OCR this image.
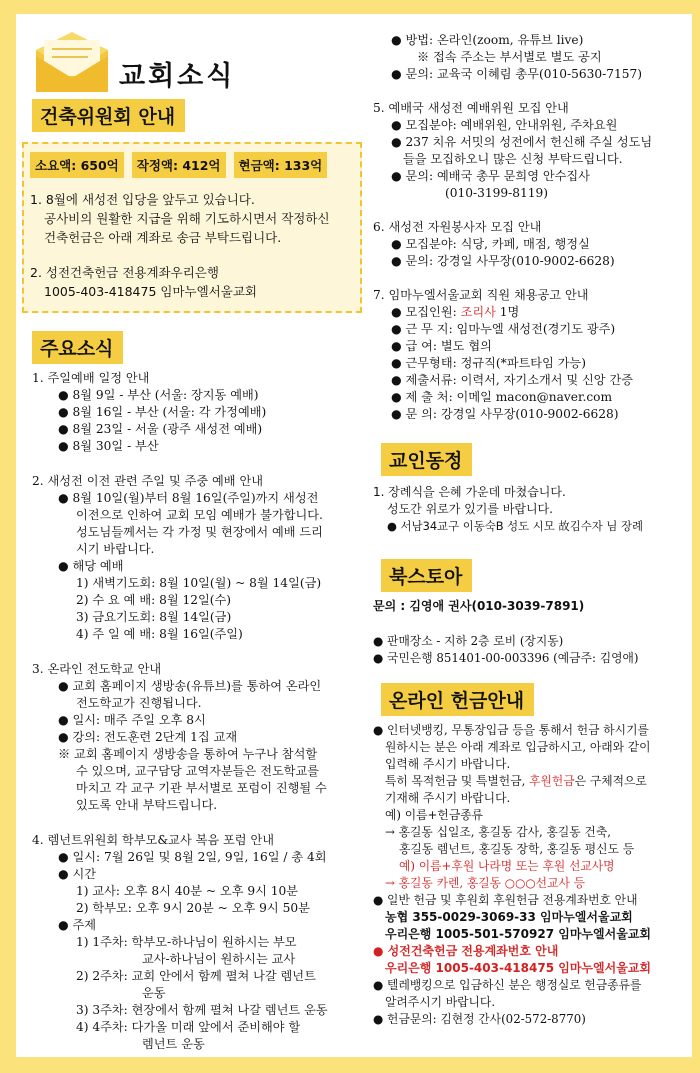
교회소식
건축위원회 안내
소요액: 650억	작정액: 412억	현금액: 133억

1. 8월에 새성전 입당을 앞두고 있습니다.
공사비의 원활한 지급을 위해 기도하시면서 작정하신
건축헌금은 아래 계좌로 송금 부탁드립니다.

2. 성전건축헌금 전용계좌우리은행
1005-403-418475 임마누엘서울교회

주요소식

1. 주일예배 일정 안내

● 8월 9일 - 부산 (서울: 장지동 예배)

● 8월 16일 - 부산 (서울: 각 가정예배)

● 8월 23일 - 서울 (광주 새성전 예배)

● 8월 30일 - 부산

2. 새성전 이전 관련 주일 및 주중 예배 안내

● 8월 10일(월)부터 8월 16일(주일)까지 새성전

이전으로 인하여 교회 모임 예배가 불가합니다.

성도님들께서는 각 가정 및 현장에서 예배 드리

시기 바랍니다.

● 해당 예배

1) 새벽기도회: 8월 10일(월) ~ 8월 14일(금)

2) 수 요 예 배: 8월 12일(수)

3) 금요기도회: 8월 14일(금)

4) 주 일 예 배: 8월 16일(주일)

3. 온라인 전도학교 안내

● 교회 홈페이지 생방송(유튜브)를 통하여 온라인

전도학교가 진행됩니다.

● 일시: 매주 주일 오후 8시

● 강의: 전도훈련 2단계 1집 교재

※ 교회 홈페이지 생방송을 통하여 누구나 참석할

수 있으며, 교구담당 교역자분들은 전도학교를

마치고 각 교구 기관 부서별로 포럼이 진행될 수

있도록 안내 부탁드립니다.

4. 렘넌트위원회 학부모&교사 복음 포럼 안내

● 일시: 7월 26일 및 8월 2일, 9일, 16일 / 총 4회

● 시간

1) 교사: 오후 8시 40분 ~ 오후 9시 10분

2) 학부모: 오후 9시 20분 ~ 오후 9시 50분

● 주제

1) 1주차: 학부모-하나님이 원하시는 부모

교사-하나님이 원하시는 교사

2) 2주차: 교회 안에서 함께 펼쳐 나갈 렘넌트

운동

3) 3주차: 현장에서 함께 펼쳐 나갈 렘넌트 운동

4) 4주차: 다가올 미래 앞에서 준비해야 할

렘넌트 운동

● 방법: 온라인(zoom, 유튜브 live)

※ 접속 주소는 부서별로 별도 공지

● 문의: 교육국 이혜림 총무(010-5630-7157)

5. 예배국 새성전 예배위원 모집 안내

● 모집분야: 예배위원, 안내위원, 주차요원

● 237 치유 서밋의 성전에서 헌신해 주실 성도님

들을 모집하오니 많은 신청 부탁드립니다.

● 문의: 예배국 총무 문희영 안수집사

(010-3199-8119)

6. 새성전 자원봉사자 모집 안내

● 모집분야: 식당, 카페, 매점, 행정실

● 문의: 강경일 사무장(010-9002-6628)

7. 임마누엘서울교회 직원 채용공고 안내

● 모집인원: 조리사 1명

● 근 무 지: 임마누엘 새성전(경기도 광주)

● 급 여: 별도 협의

● 근무형태: 정규직(*파트타임 가능)

● 제출서류: 이력서, 자기소개서 및 신앙 간증

● 제 출 처: 이메일 macon@naver.com

● 문 의: 강경일 사무장(010-9002-6628)

교인동정

1. 장례식을 은혜 가운데 마쳤습니다.

성도간 위로가 있기를 바랍니다.

● 서남34교구 이동숙B 성도 시모 故김수자 님 장례

북스토아

문의 : 김영애 권사(010-3039-7891)

● 판매장소 - 지하 2층 로비 (장지동)

● 국민은행 851401-00-003396 (예금주: 김영애)

온라인 헌금안내

● 인터넷뱅킹, 무통장입금 등을 통해서 헌금 하시기를

원하시는 분은 아래 계좌로 입금하시고, 아래와 같이

입력해 주시기 바랍니다.

특히 목적헌금 및 특별헌금, 후원헌금은 구체적으로

기재해 주시기 바랍니다.

예) 이름+헌금종류

→ 홍길동 십일조, 홍길동 감사, 홍길동 건축,

홍길동 렘넌트, 홍길동 장학, 홍길동 평신도 등

예) 이름+후원 나라명 또는 후원 선교사명

→ 홍길동 카렌, 홍길동 ○○○선교사 등

● 일반 헌금 및 후원회 후원헌금 전용계좌번호 안내

농협 355-0029-3069-33 임마누엘서울교회

우리은행 1005-501-570927 임마누엘서울교회

● 성전건축헌금 전용계좌번호 안내

우리은행 1005-403-418475 임마누엘서울교회

● 텔레뱅킹으로 입금하신 분은 행정실로 헌금종류를

알려주시기 바랍니다.

● 헌금문의: 김현정 간사(02-572-8770)
